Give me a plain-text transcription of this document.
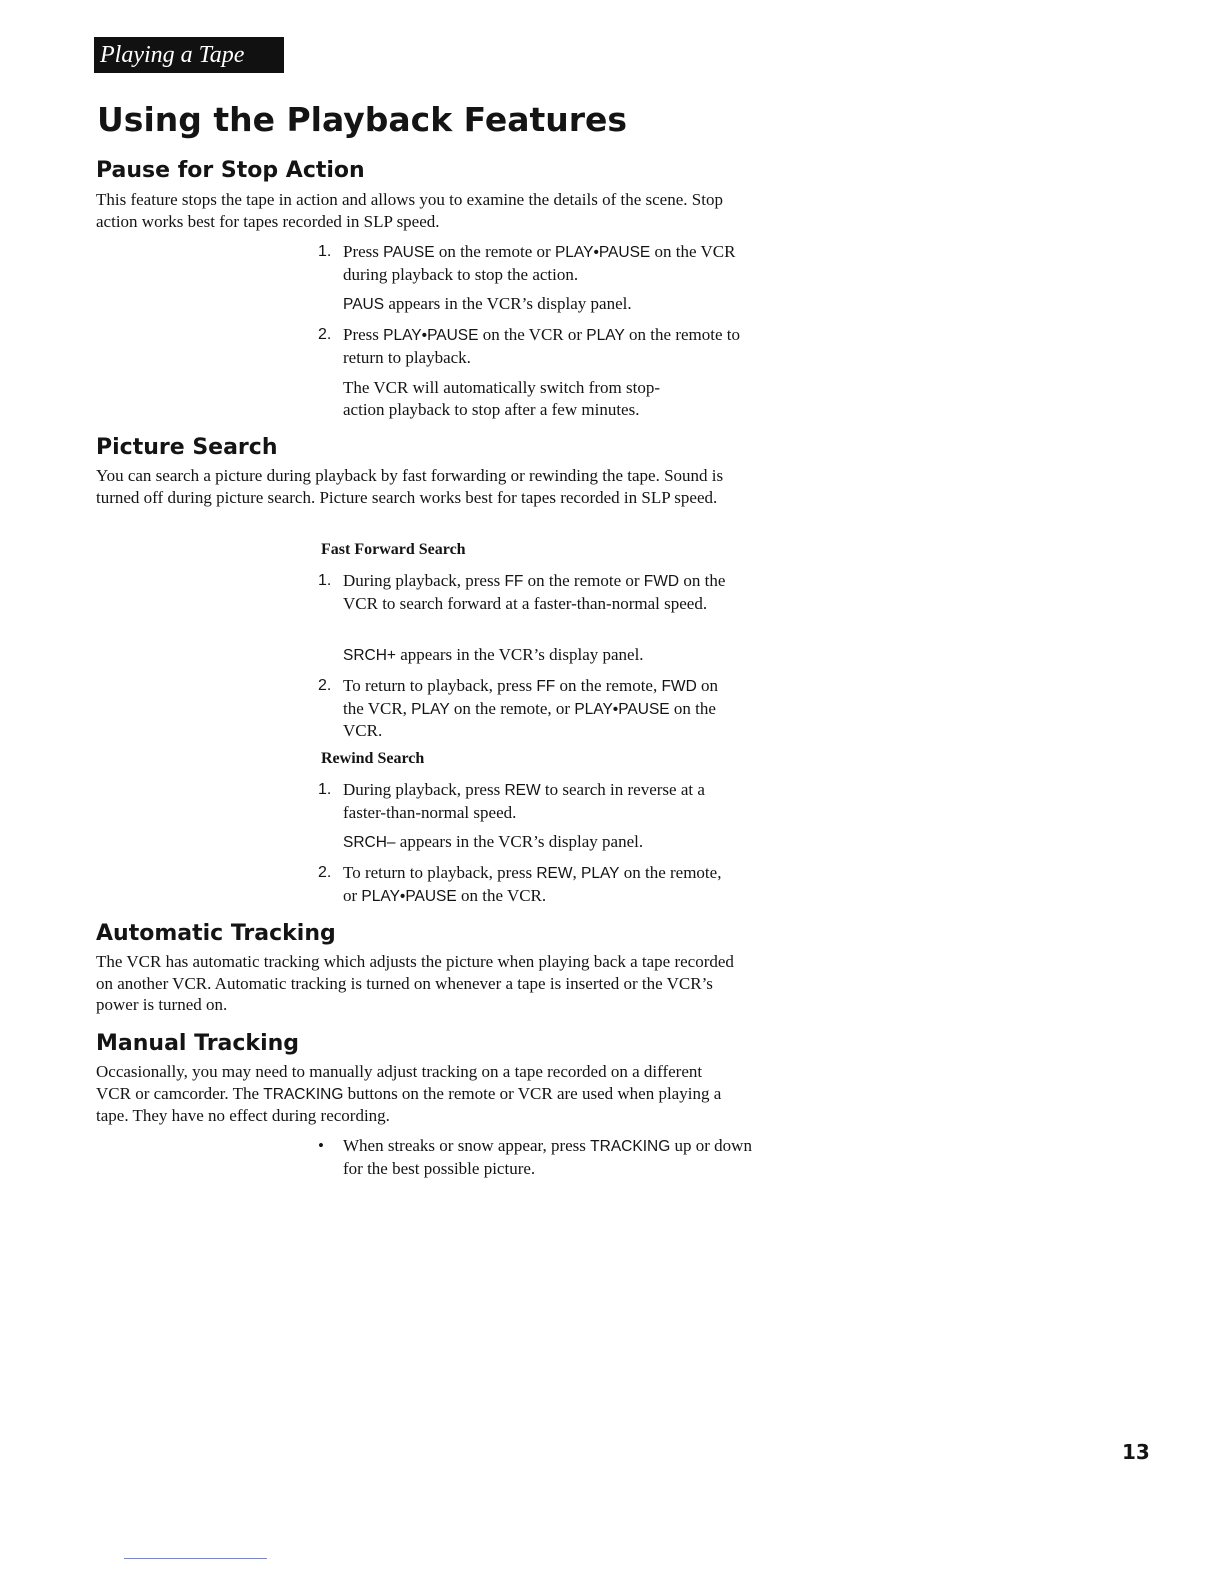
Playing a Tape
Using the Playback Features
Pause for Stop Action

This feature stops the tape in action and allows you to examine the details of the scene. Stop action works best for tapes recorded in SLP speed.

1. Press PAUSE on the remote or PLAY•PAUSE on the VCR during playback to stop the action.

PAUS appears in the VCR’s display panel.

2. Press PLAY•PAUSE on the VCR or PLAY on the remote to return to playback.

The VCR will automatically switch from stop-action playback to stop after a few minutes.

Picture Search

You can search a picture during playback by fast forwarding or rewinding the tape. Sound is turned off during picture search. Picture search works best for tapes recorded in SLP speed.

Fast Forward Search

1. During playback, press FF on the remote or FWD on the VCR to search forward at a faster-than-normal speed.

SRCH+ appears in the VCR’s display panel.

2. To return to playback, press FF on the remote, FWD on the VCR, PLAY on the remote, or PLAY•PAUSE on the VCR.

Rewind Search

1. During playback, press REW to search in reverse at a faster-than-normal speed.

SRCH– appears in the VCR’s display panel.

2. To return to playback, press REW, PLAY on the remote, or PLAY•PAUSE on the VCR.
Automatic Tracking

The VCR has automatic tracking which adjusts the picture when playing back a tape recorded on another VCR. Automatic tracking is turned on whenever a tape is inserted or the VCR’s power is turned on.

Manual Tracking

Occasionally, you may need to manually adjust tracking on a tape recorded on a different VCR or camcorder. The TRACKING buttons on the remote or VCR are used when playing a tape. They have no effect during recording.

• When streaks or snow appear, press TRACKING up or down for the best possible picture.

13
